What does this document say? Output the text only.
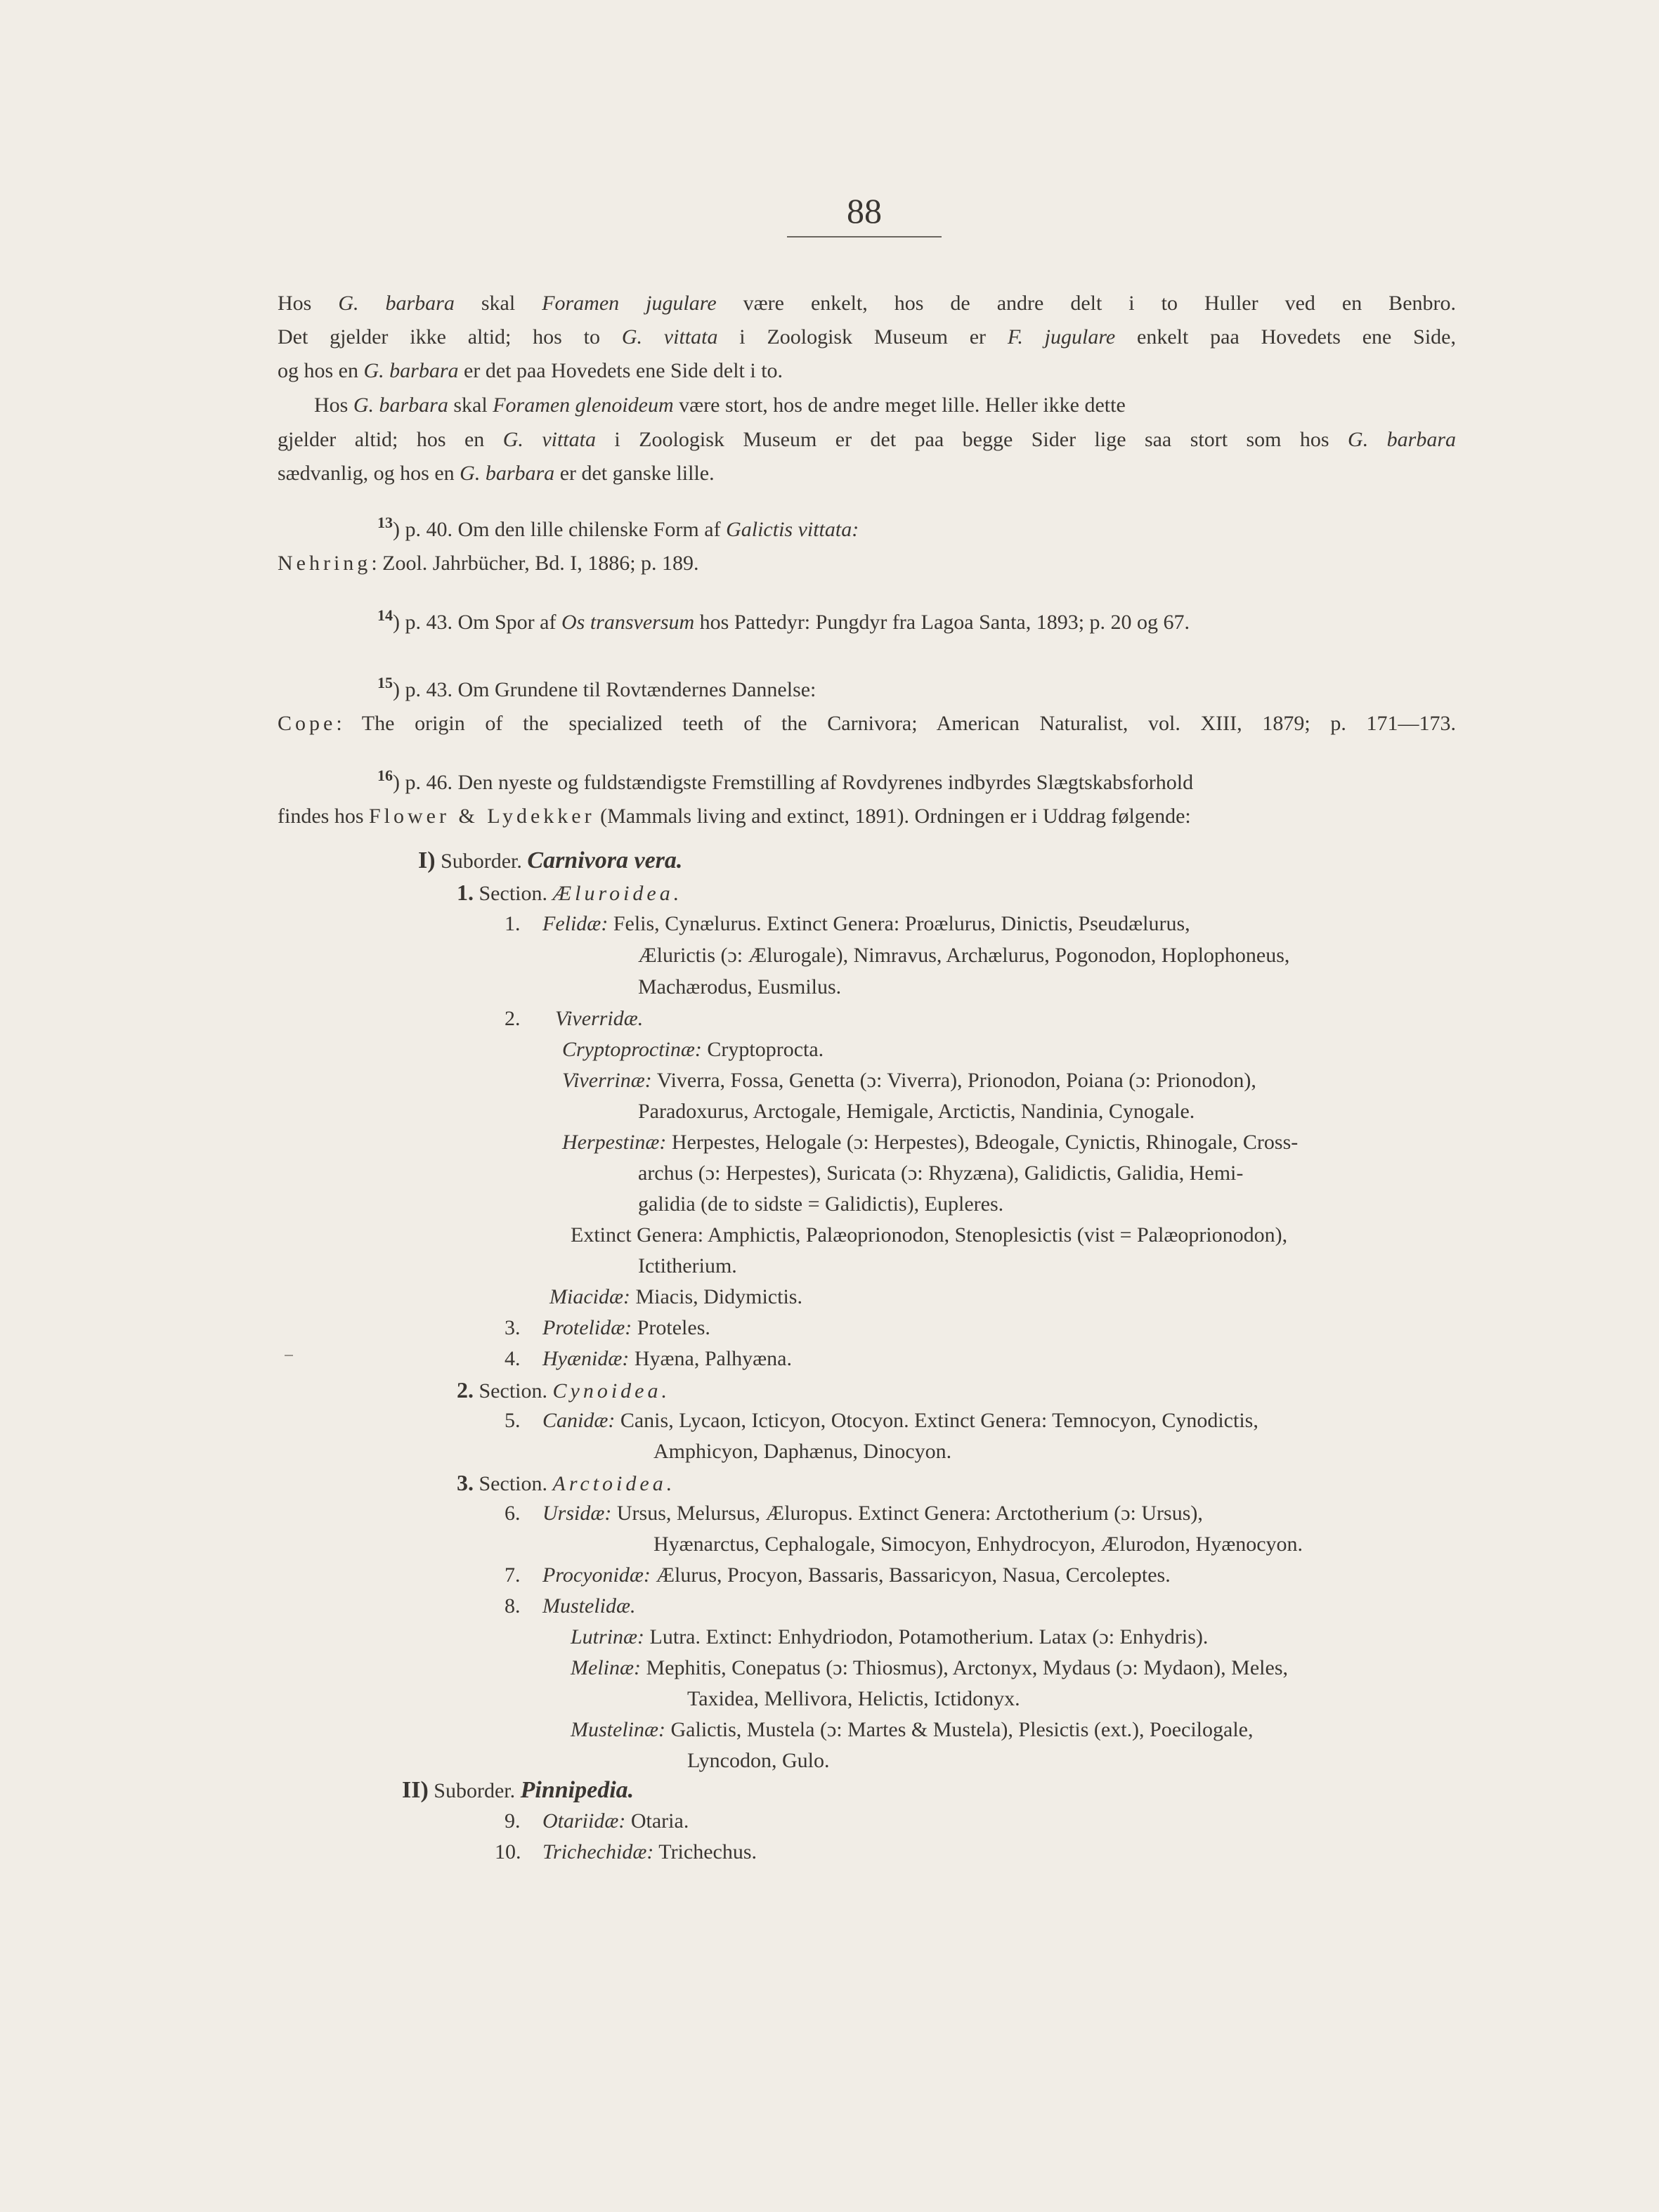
88
Hos G. barbara skal Foramen jugulare være enkelt, hos de andre delt i to Huller ved en Benbro.
Det gjelder ikke altid; hos to G. vittata i Zoologisk Museum er F. jugulare enkelt paa Hovedets ene Side,
og hos en G. barbara er det paa Hovedets ene Side delt i to.
Hos G. barbara skal Foramen glenoideum være stort, hos de andre meget lille. Heller ikke dette
gjelder altid; hos en G. vittata i Zoologisk Museum er det paa begge Sider lige saa stort som hos G. barbara
sædvanlig, og hos en G. barbara er det ganske lille.
$^{13}$) p. 40. Om den lille chilenske Form af Galictis vittata:
Nehring: Zool. Jahrbücher, Bd. I, 1886; p. 189.
$^{14}$) p. 43. Om Spor af Os transversum hos Pattedyr: Pungdyr fra Lagoa Santa, 1893; p. 20 og 67.
$^{15}$) p. 43. Om Grundene til Rovtændernes Dannelse:
Cope: The origin of the specialized teeth of the Carnivora; American Naturalist, vol. XIII, 1879; p. 171—173.
$^{16}$) p. 46. Den nyeste og fuldstændigste Fremstilling af Rovdyrenes indbyrdes Slægtskabsforhold
findes hos Flower & Lydekker (Mammals living and extinct, 1891). Ordningen er i Uddrag følgende:
I) Suborder. Carnivora vera.
1. Section. Æluroidea.
1. Felidæ: Felis, Cynælurus. Extinct Genera: Proælurus, Dinictis, Pseudælurus,
Ælurictis (ɔ: Ælurogale), Nimravus, Archælurus, Pogonodon, Hoplophoneus,
Machærodus, Eusmilus.
2. Viverridæ.
Cryptoproctinæ: Cryptoprocta.
Viverrinæ: Viverra, Fossa, Genetta (ɔ: Viverra), Prionodon, Poiana (ɔ: Prionodon),
Paradoxurus, Arctogale, Hemigale, Arctictis, Nandinia, Cynogale.
Herpestinæ: Herpestes, Helogale (ɔ: Herpestes), Bdeogale, Cynictis, Rhinogale, Cross-
archus (ɔ: Herpestes), Suricata (ɔ: Rhyzæna), Galidictis, Galidia, Hemi-
galidia (de to sidste = Galidictis), Eupleres.
Extinct Genera: Amphictis, Palæoprionodon, Stenoplesictis (vist = Palæoprionodon),
Ictitherium.
Miacidæ: Miacis, Didymictis.
3. Protelidæ: Proteles.
4. Hyænidæ: Hyæna, Palhyæna.
2. Section. Cynoidea.
5. Canidæ: Canis, Lycaon, Icticyon, Otocyon. Extinct Genera: Temnocyon, Cynodictis,
Amphicyon, Daphænus, Dinocyon.
3. Section. Arctoidea.
6. Ursidæ: Ursus, Melursus, Æluropus. Extinct Genera: Arctotherium (ɔ: Ursus),
Hyænarctus, Cephalogale, Simocyon, Enhydrocyon, Ælurodon, Hyænocyon.
7. Procyonidæ: Ælurus, Procyon, Bassaris, Bassaricyon, Nasua, Cercoleptes.
8. Mustelidæ.
Lutrinæ: Lutra. Extinct: Enhydriodon, Potamotherium. Latax (ɔ: Enhydris).
Melinæ: Mephitis, Conepatus (ɔ: Thiosmus), Arctonyx, Mydaus (ɔ: Mydaon), Meles,
Taxidea, Mellivora, Helictis, Ictidonyx.
Mustelinæ: Galictis, Mustela (ɔ: Martes & Mustela), Plesictis (ext.), Poecilogale,
Lyncodon, Gulo.
II) Suborder. Pinnipedia.
9. Otariidæ: Otaria.
10. Trichechidæ: Trichechus.
